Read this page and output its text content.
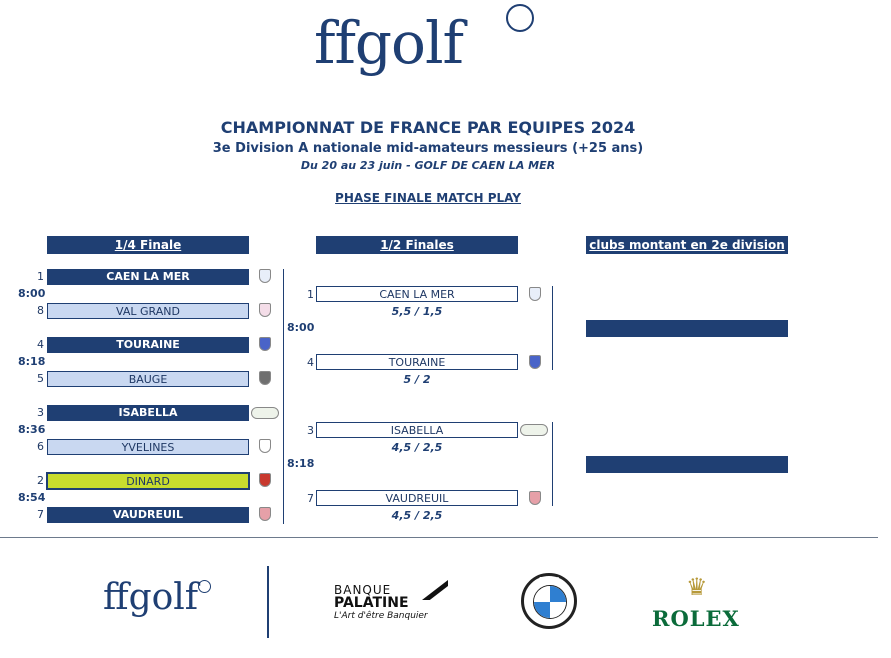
ffgolf
CHAMPIONNAT DE FRANCE PAR EQUIPES 2024
3e Division A nationale mid-amateurs messieurs (+25 ans)
Du 20 au 23 juin - GOLF DE CAEN LA MER
PHASE FINALE MATCH PLAY
1/4 Finale	1/2 Finales	clubs montant en 2e division
1	CAEN LA MER
8:00
8	VAL GRAND
4	TOURAINE
8:18
5	BAUGE
3	ISABELLA
8:36
6	YVELINES
2	DINARD
8:54
7	VAUDREUIL
1	CAEN LA MER
5,5 / 1,5
8:00
4	TOURAINE
5 / 2
3	ISABELLA
4,5 / 2,5
8:18
7	VAUDREUIL
4,5 / 2,5
ffgolf	BANQUE
PALATINE
L'Art d'être Banquier
BMW	♛
ROLEX
